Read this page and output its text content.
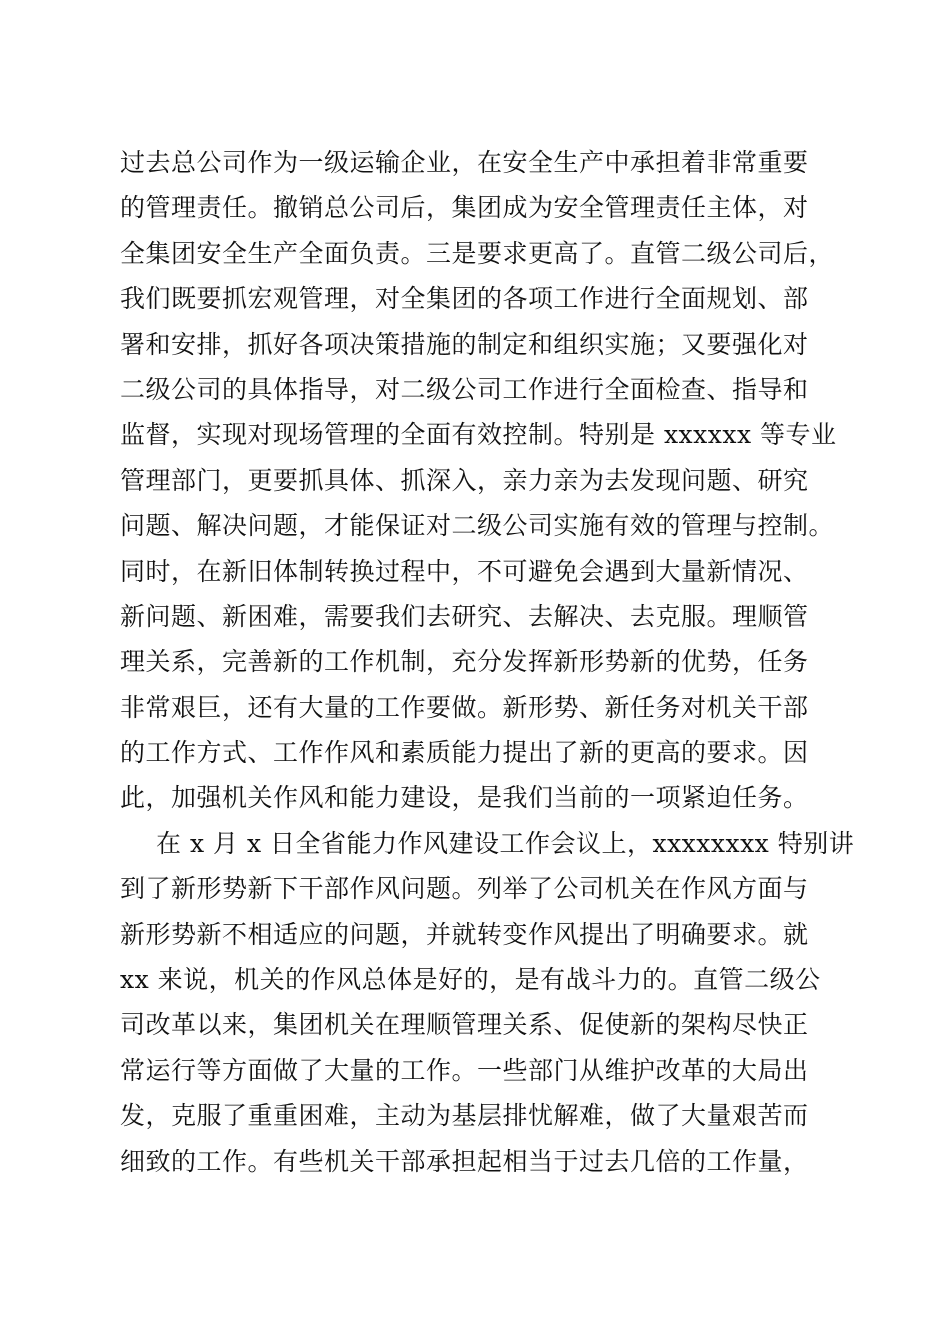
过去总公司作为一级运输企业，在安全生产中承担着非常重要
的管理责任。撤销总公司后，集团成为安全管理责任主体，对
全集团安全生产全面负责。三是要求更高了。直管二级公司后，
我们既要抓宏观管理，对全集团的各项工作进行全面规划、部
署和安排，抓好各项决策措施的制定和组织实施；又要强化对
二级公司的具体指导，对二级公司工作进行全面检查、指导和
监督，实现对现场管理的全面有效控制。特别是 xxxxxx 等专业
管理部门，更要抓具体、抓深入，亲力亲为去发现问题、研究
问题、解决问题，才能保证对二级公司实施有效的管理与控制。
同时，在新旧体制转换过程中，不可避免会遇到大量新情况、
新问题、新困难，需要我们去研究、去解决、去克服。理顺管
理关系，完善新的工作机制，充分发挥新形势新的优势，任务
非常艰巨，还有大量的工作要做。新形势、新任务对机关干部
的工作方式、工作作风和素质能力提出了新的更高的要求。因
此，加强机关作风和能力建设，是我们当前的一项紧迫任务。
在 x 月 x 日全省能力作风建设工作会议上，xxxxxxxx 特别讲
到了新形势新下干部作风问题。列举了公司机关在作风方面与
新形势新不相适应的问题，并就转变作风提出了明确要求。就
xx 来说，机关的作风总体是好的，是有战斗力的。直管二级公
司改革以来，集团机关在理顺管理关系、促使新的架构尽快正
常运行等方面做了大量的工作。一些部门从维护改革的大局出
发，克服了重重困难，主动为基层排忧解难，做了大量艰苦而
细致的工作。有些机关干部承担起相当于过去几倍的工作量，
